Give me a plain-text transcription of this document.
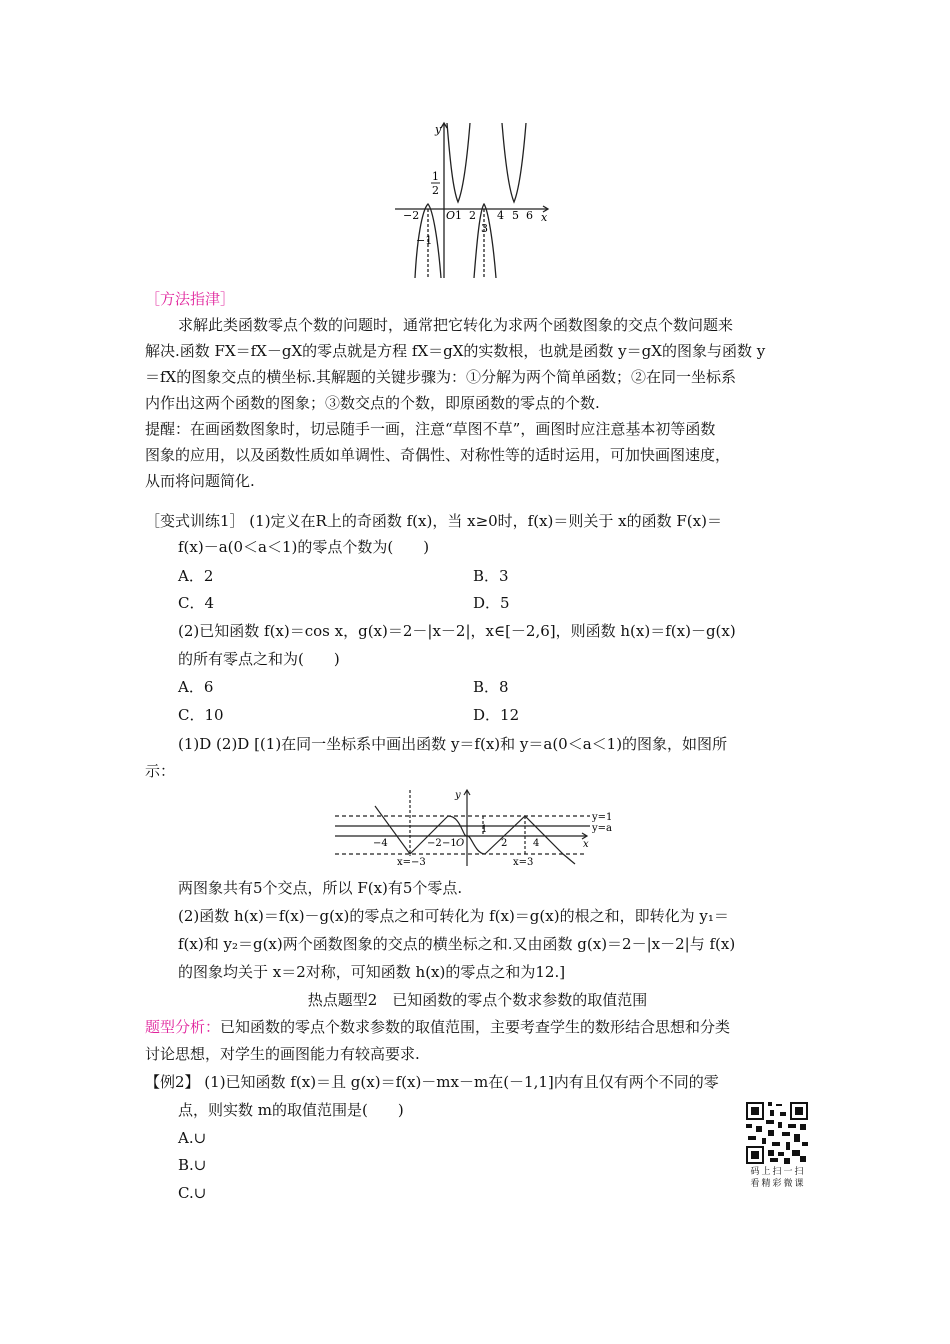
y
x
1
2
−1
3
−2 O 1 2 4 5 6
［方法指津］
求解此类函数零点个数的问题时，通常把它转化为求两个函数图象的交点个数问题来
解决.函数 FX＝fX－gX的零点就是方程 fX＝gX的实数根，也就是函数 y＝gX的图象与函数 y
＝fX的图象交点的横坐标.其解题的关键步骤为：①分解为两个简单函数；②在同一坐标系
内作出这两个函数的图象；③数交点的个数，即原函数的零点的个数.
提醒：在画函数图象时，切忌随手一画，注意“草图不草”，画图时应注意基本初等函数
图象的应用，以及函数性质如单调性、奇偶性、对称性等的适时运用，可加快画图速度，
从而将问题简化.
［变式训练1］ (1)定义在R上的奇函数 f(x)，当 x≥0时，f(x)＝则关于 x的函数 F(x)＝
f(x)－a(0＜a＜1)的零点个数为(　　)
A．2	B．3
C．4	D．5
(2)已知函数 f(x)＝cos x，g(x)＝2－|x－2|，x∈[－2,6]，则函数 h(x)＝f(x)－g(x)
的所有零点之和为(　　)
A．6	B．8
C．10	D．12
(1)D (2)D [(1)在同一坐标系中画出函数 y＝f(x)和 y＝a(0＜a＜1)的图象，如图所
示：
y
x
y=1
y=a
−4	−2 −1 O
1
2	4
x=−3	x=3
两图象共有5个交点，所以 F(x)有5个零点.
(2)函数 h(x)＝f(x)－g(x)的零点之和可转化为 f(x)＝g(x)的根之和，即转化为 y₁＝
f(x)和 y₂＝g(x)两个函数图象的交点的横坐标之和.又由函数 g(x)＝2－|x－2|与 f(x)
的图象均关于 x＝2对称，可知函数 h(x)的零点之和为12.]
热点题型2　已知函数的零点个数求参数的取值范围
题型分析：已知函数的零点个数求参数的取值范围，主要考查学生的数形结合思想和分类
讨论思想，对学生的画图能力有较高要求.
【例2】 (1)已知函数 f(x)＝且 g(x)＝f(x)－mx－m在(－1,1]内有且仅有两个不同的零
点，则实数 m的取值范围是(　　)
A.∪
B.∪
C.∪
码上扫一扫
看精彩微课
